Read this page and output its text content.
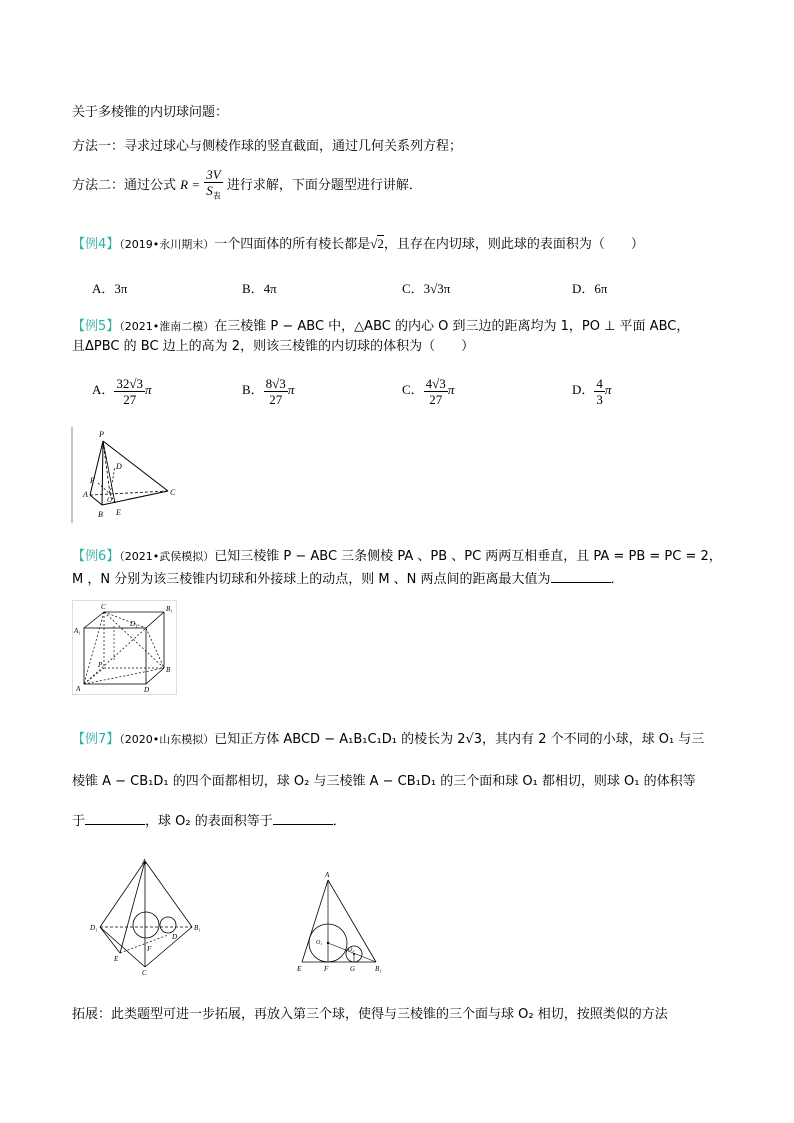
关于多棱锥的内切球问题：
方法一：寻求过球心与侧棱作球的竖直截面，通过几何关系列方程；
方法二：通过公式 $R = \frac{3V}{S_表}$ 进行求解，下面分题型进行讲解．
【例4】（2019•永川期末）一个四面体的所有棱长都是√2，且存在内切球，则此球的表面积为（　　）
A．3π	B．4π	C．3√3π	D．6π
【例5】（2021•淮南二模）在三棱锥 P − ABC 中，△ABC 的内心 O 到三边的距离均为 1，PO ⊥ 平面 ABC，
且ΔPBC 的 BC 边上的高为 2，则该三棱锥的内切球的体积为（　　）
A． $\frac{32√3}{27}$ π	B． $\frac{8√3}{27}$ π	C． $\frac{4√3}{27}$ π	D． $\frac{4}{3}$ π
P
D
F
A
O
C
B E
【例6】（2021•武侯模拟）已知三棱锥 P − ABC 三条侧棱 PA 、PB 、PC 两两互相垂直，且 PA = PB = PC = 2，
M ，N 分别为该三棱锥内切球和外接球上的动点，则 M 、N 两点间的距离最大值为	．
C	B₁
A₁
D₁
P
B
A	D
【例7】（2020•山东模拟）已知正方体 ABCD − A₁B₁C₁D₁ 的棱长为 2√3，其内有 2 个不同的小球，球 O₁ 与三
棱锥 A − CB₁D₁ 的四个面都相切，球 O₂ 与三棱锥 A − CB₁D₁ 的三个面和球 O₁ 都相切，则球 O₁ 的体积等
于	，球 O₂ 的表面积等于	．
A
D₁	B₁
E
F
D
C
A
O₁
O₂
E	F	G	B₁
拓展：此类题型可进一步拓展，再放入第三个球，使得与三棱锥的三个面与球 O₂ 相切，按照类似的方法
